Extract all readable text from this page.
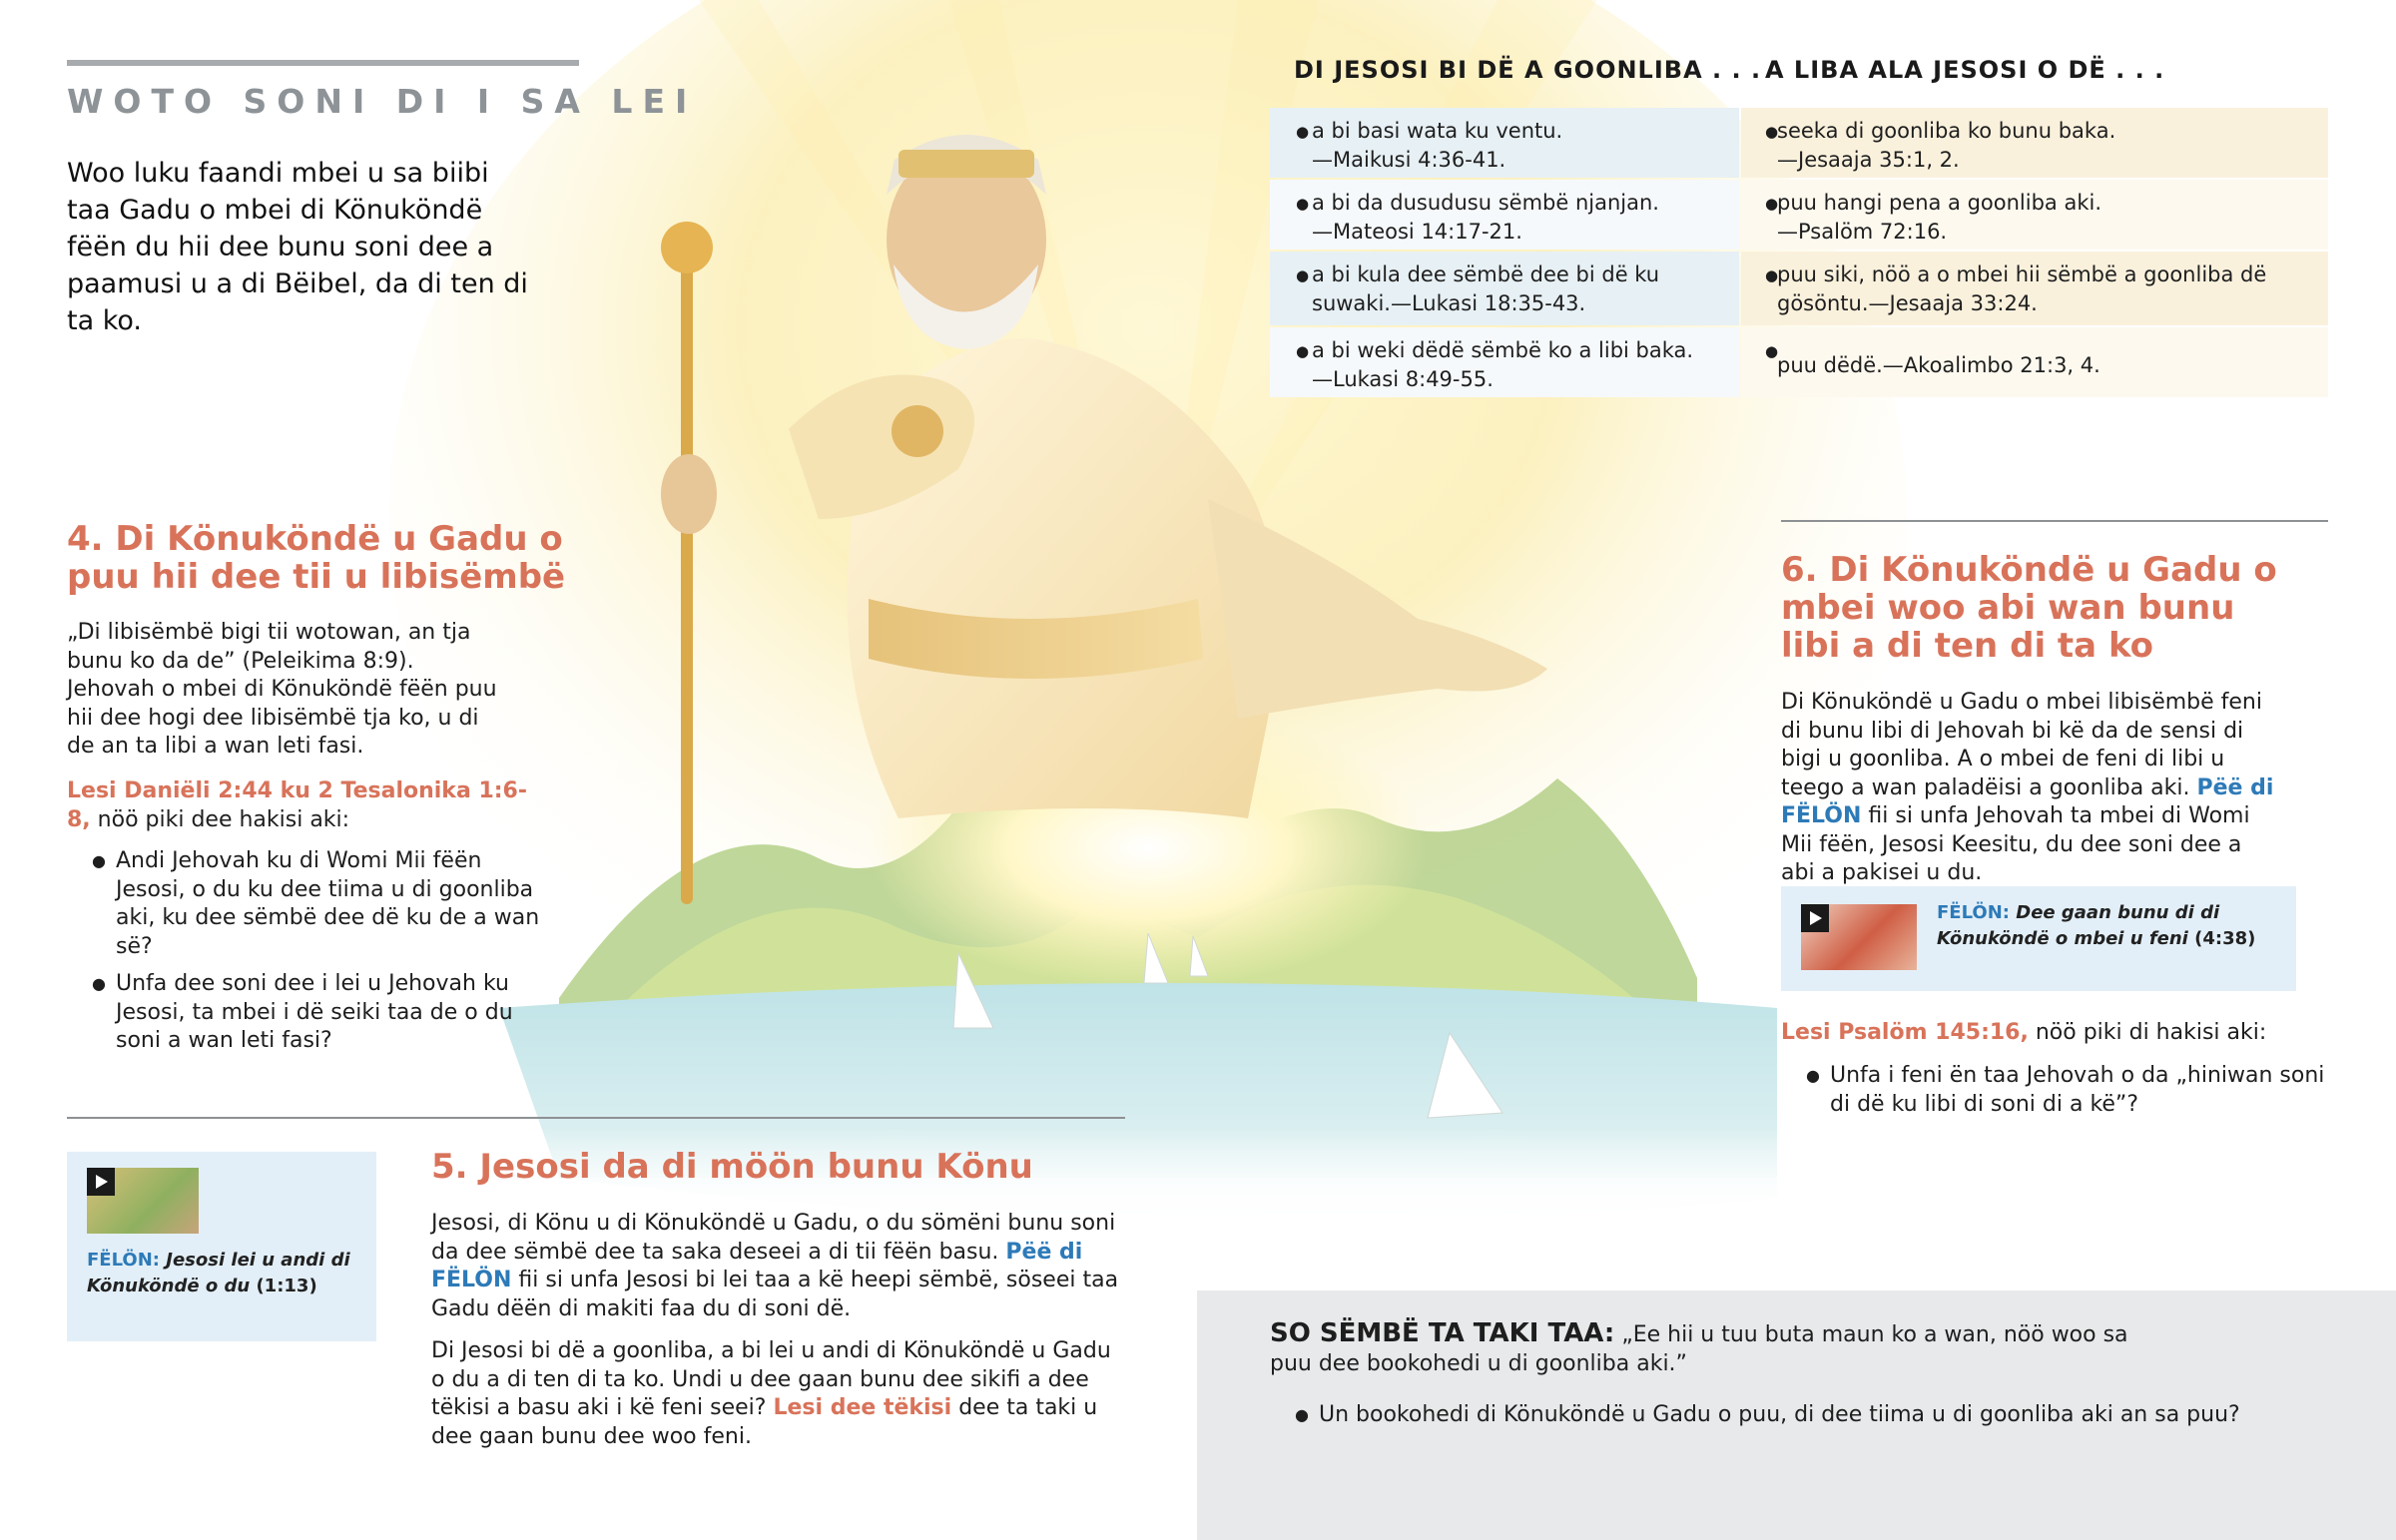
WOTO SONI DI I SA LEI
Woo luku faandi mbei u sa biibi taa Gadu o mbei di Könuköndë fëën du hii dee bunu soni dee a paamusi u a di Bëibel, da di ten di ta ko.
DI JESOSI BI DË A GOONLIBA . . . A LIBA ALA JESOSI O DË . . .
● a bi basi wata ku ventu.
—Maikusi 4:36-41.
● a bi da dusudusu sëmbë njanjan.
—Mateosi 14:17-21.
● a bi kula dee sëmbë dee bi dë ku suwaki.—Lukasi 18:35-43.
● a bi weki dëdë sëmbë ko a libi baka.
—Lukasi 8:49-55.
● seeka di goonliba ko bunu baka.
—Jesaaja 35:1, 2.
● puu hangi pena a goonliba aki.
—Psalöm 72:16.
● puu siki, nöö a o mbei hii sëmbë a goonliba dë gösöntu.—Jesaaja 33:24.
● puu dëdë.—Akoalimbo 21:3, 4.
4. Di Könuköndë u Gadu o puu hii dee tii u libisëmbë
„Di libisëmbë bigi tii wotowan, an tja bunu ko da de” (Peleikima 8:9). Jehovah o mbei di Könuköndë fëën puu hii dee hogi dee libisëmbë tja ko, u di de an ta libi a wan leti fasi.
Lesi Daniëli 2:44 ku 2 Tesalonika 1:6-8, nöö piki dee hakisi aki:
● Andi Jehovah ku di Womi Mii fëën Jesosi, o du ku dee tiima u di goonliba aki, ku dee sëmbë dee dë ku de a wan së?
● Unfa dee soni dee i lei u Jehovah ku Jesosi, ta mbei i dë seiki taa de o du soni a wan leti fasi?
FËLÖN: Jesosi lei u andi di Könuköndë o du (1:13)
5. Jesosi da di möön bunu Könu
Jesosi, di Könu u di Könuköndë u Gadu, o du sömëni bunu soni da dee sëmbë dee ta saka deseei a di tii fëën basu. Pëë di FËLÖN fii si unfa Jesosi bi lei taa a kë heepi sëmbë, söseei taa Gadu dëën di makiti faa du di soni dë.
Di Jesosi bi dë a goonliba, a bi lei u andi di Könuköndë u Gadu o du a di ten di ta ko. Undi u dee gaan bunu dee sikifi a dee tëkisi a basu aki i kë feni seei? Lesi dee tëkisi dee ta taki u dee gaan bunu dee woo feni.
6. Di Könuköndë u Gadu o mbei woo abi wan bunu libi a di ten di ta ko
Di Könuköndë u Gadu o mbei libisëmbë feni di bunu libi di Jehovah bi kë da de sensi di bigi u goonliba. A o mbei de feni di libi u teego a wan paladëisi a goonliba aki. Pëë di FËLÖN fii si unfa Jehovah ta mbei di Womi Mii fëën, Jesosi Keesitu, du dee soni dee a abi a pakisei u du.
FËLÖN: Dee gaan bunu di di Könuköndë o mbei u feni (4:38)
Lesi Psalöm 145:16, nöö piki di hakisi aki:
● Unfa i feni ën taa Jehovah o da „hiniwan soni di dë ku libi di soni di a kë”?
SO SËMBË TA TAKI TAA: „Ee hii u tuu buta maun ko a wan, nöö woo sa puu dee bookohedi u di goonliba aki.”
● Un bookohedi di Könuköndë u Gadu o puu, di dee tiima u di goonliba aki an sa puu?
